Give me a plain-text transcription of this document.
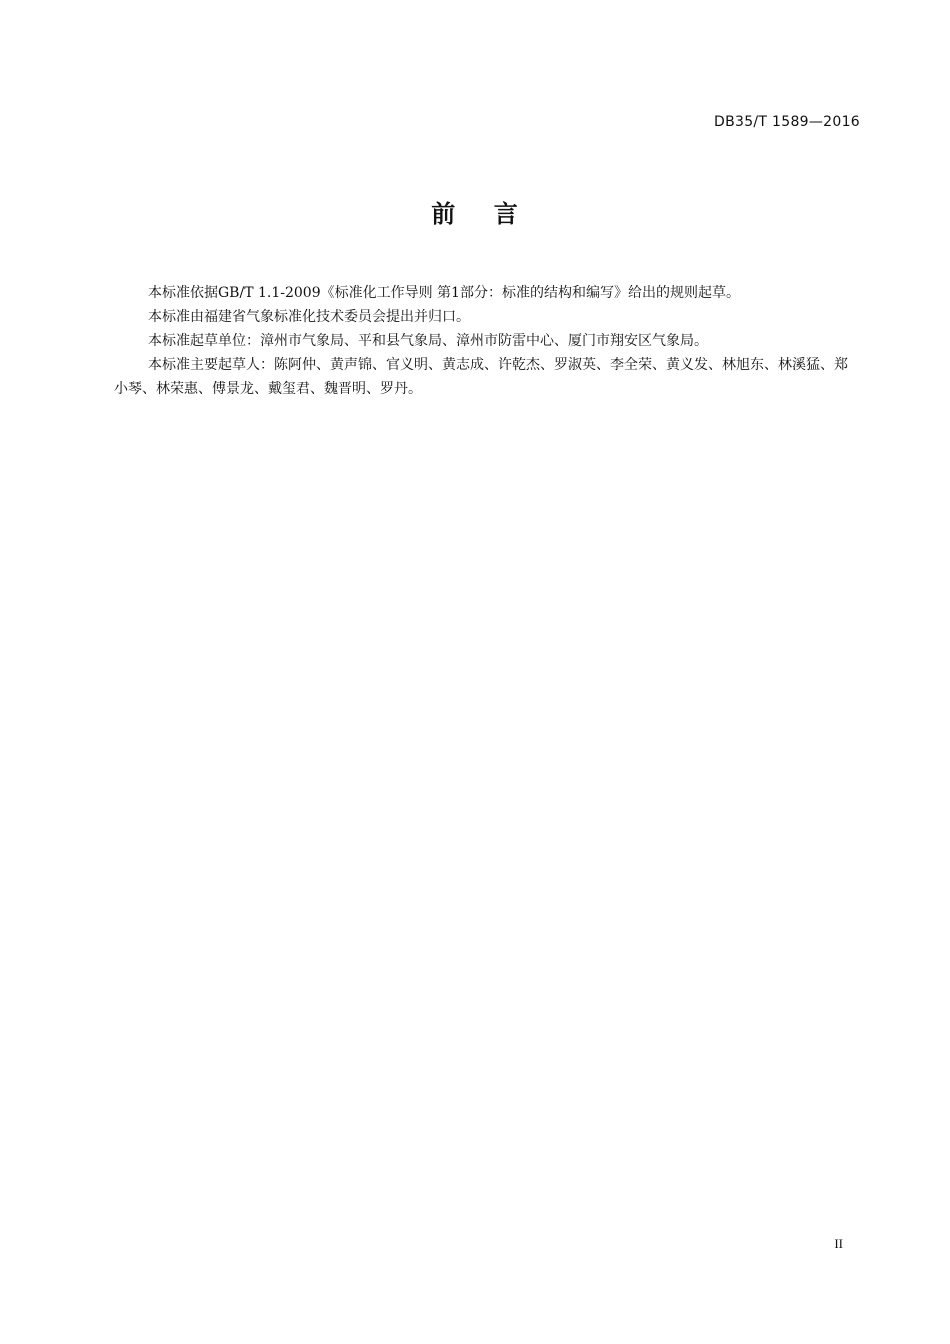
DB35/T 1589—2016
前    言

本标准依据GB/T 1.1-2009《标准化工作导则 第1部分：标准的结构和编写》给出的规则起草。

本标准由福建省气象标准化技术委员会提出并归口。

本标准起草单位：漳州市气象局、平和县气象局、漳州市防雷中心、厦门市翔安区气象局。

本标准主要起草人：陈阿仲、黄声锦、官义明、黄志成、许乾杰、罗淑英、李全荣、黄义发、林旭东、林溪猛、郑小琴、林荣惠、傅景龙、戴玺君、魏晋明、罗丹。

II
